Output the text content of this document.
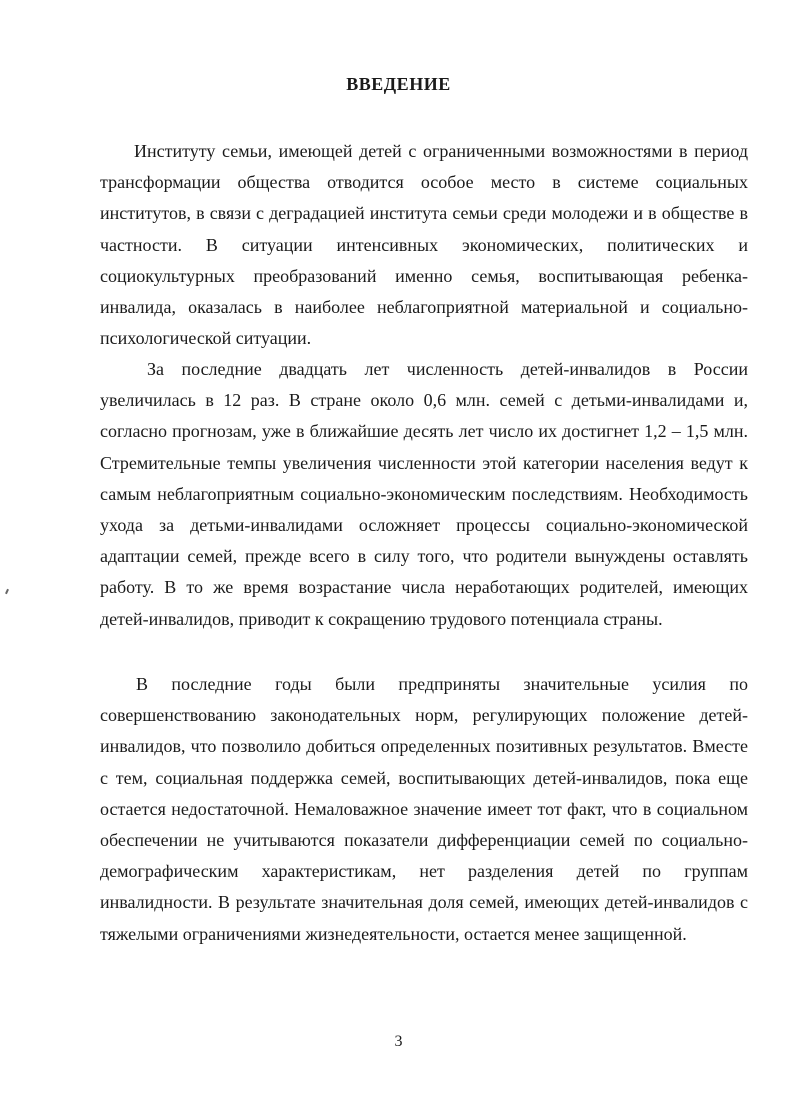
ВВЕДЕНИЕ

Институту семьи, имеющей детей с ограниченными возможностями в период трансформации общества отводится особое место в системе социальных институтов, в связи с деградацией института семьи среди молодежи и в обществе в частности. В ситуации интенсивных экономических, политических и социокультурных преобразований именно семья, воспитывающая ребенка-инвалида, оказалась в наиболее неблагоприятной материальной и социально-психологической ситуации.

За последние двадцать лет численность детей-инвалидов в России увеличилась в 12 раз. В стране около 0,6 млн. семей с детьми-инвалидами и, согласно прогнозам, уже в ближайшие десять лет число их достигнет 1,2 – 1,5 млн. Стремительные темпы увеличения численности этой категории населения ведут к самым неблагоприятным социально-экономическим последствиям. Необходимость ухода за детьми-инвалидами осложняет процессы социально-экономической адаптации семей, прежде всего в силу того, что родители вынуждены оставлять работу. В то же время возрастание числа неработающих родителей, имеющих детей-инвалидов, приводит к сокращению трудового потенциала страны.

В последние годы были предприняты значительные усилия по совершенствованию законодательных норм, регулирующих положение детей-инвалидов, что позволило добиться определенных позитивных результатов. Вместе с тем, социальная поддержка семей, воспитывающих детей-инвалидов, пока еще остается недостаточной. Немаловажное значение имеет тот факт, что в социальном обеспечении не учитываются показатели дифференциации семей по социально-демографическим характеристикам, нет разделения детей по группам инвалидности. В результате значительная доля семей, имеющих детей-инвалидов с тяжелыми ограничениями жизнедеятельности, остается менее защищенной.

3
